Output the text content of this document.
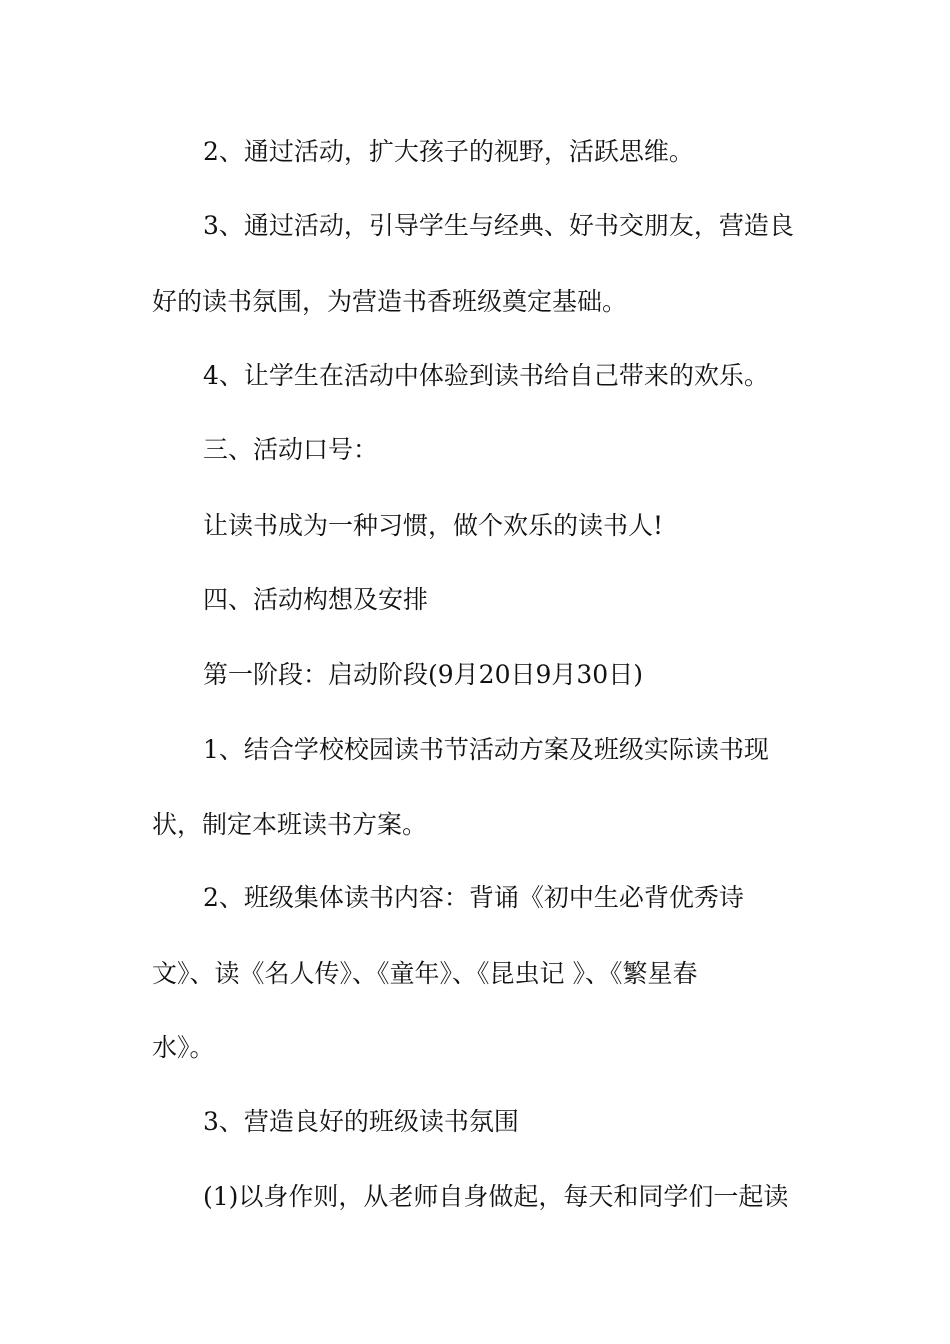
2、通过活动，扩大孩子的视野，活跃思维。
3、通过活动，引导学生与经典、好书交朋友，营造良
好的读书氛围，为营造书香班级奠定基础。
4、让学生在活动中体验到读书给自己带来的欢乐。
三、活动口号：
让读书成为一种习惯，做个欢乐的读书人!
四、活动构想及安排
第一阶段：启动阶段(9月20日9月30日)
1、结合学校校园读书节活动方案及班级实际读书现
状，制定本班读书方案。
2、班级集体读书内容：背诵《初中生必背优秀诗
文》、读《名人传》、《童年》、《昆虫记 》、《繁星春
水》。
3、营造良好的班级读书氛围
(1)以身作则，从老师自身做起，每天和同学们一起读
